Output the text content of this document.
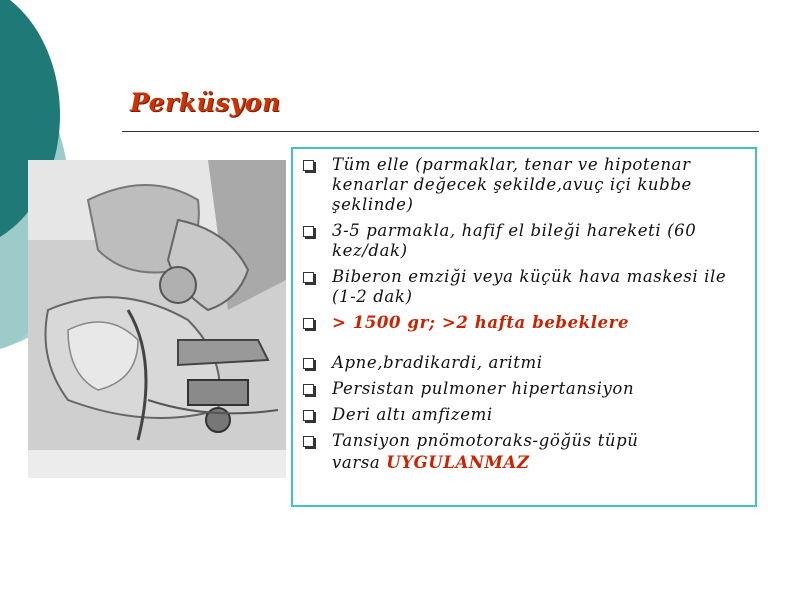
Perküsyon
Tüm elle (parmaklar, tenar ve hipotenar kenarlar değecek şekilde,avuç içi kubbe şeklinde)
3-5 parmakla, hafif el bileği hareketi (60 kez/dak)
Biberon emziği veya küçük hava maskesi ile (1-2 dak)
> 1500 gr; >2 hafta bebeklere
Apne,bradikardi, aritmi
Persistan pulmoner hipertansiyon
Deri altı amfizemi
Tansiyon pnömotoraks-göğüs tüpü
varsa UYGULANMAZ
